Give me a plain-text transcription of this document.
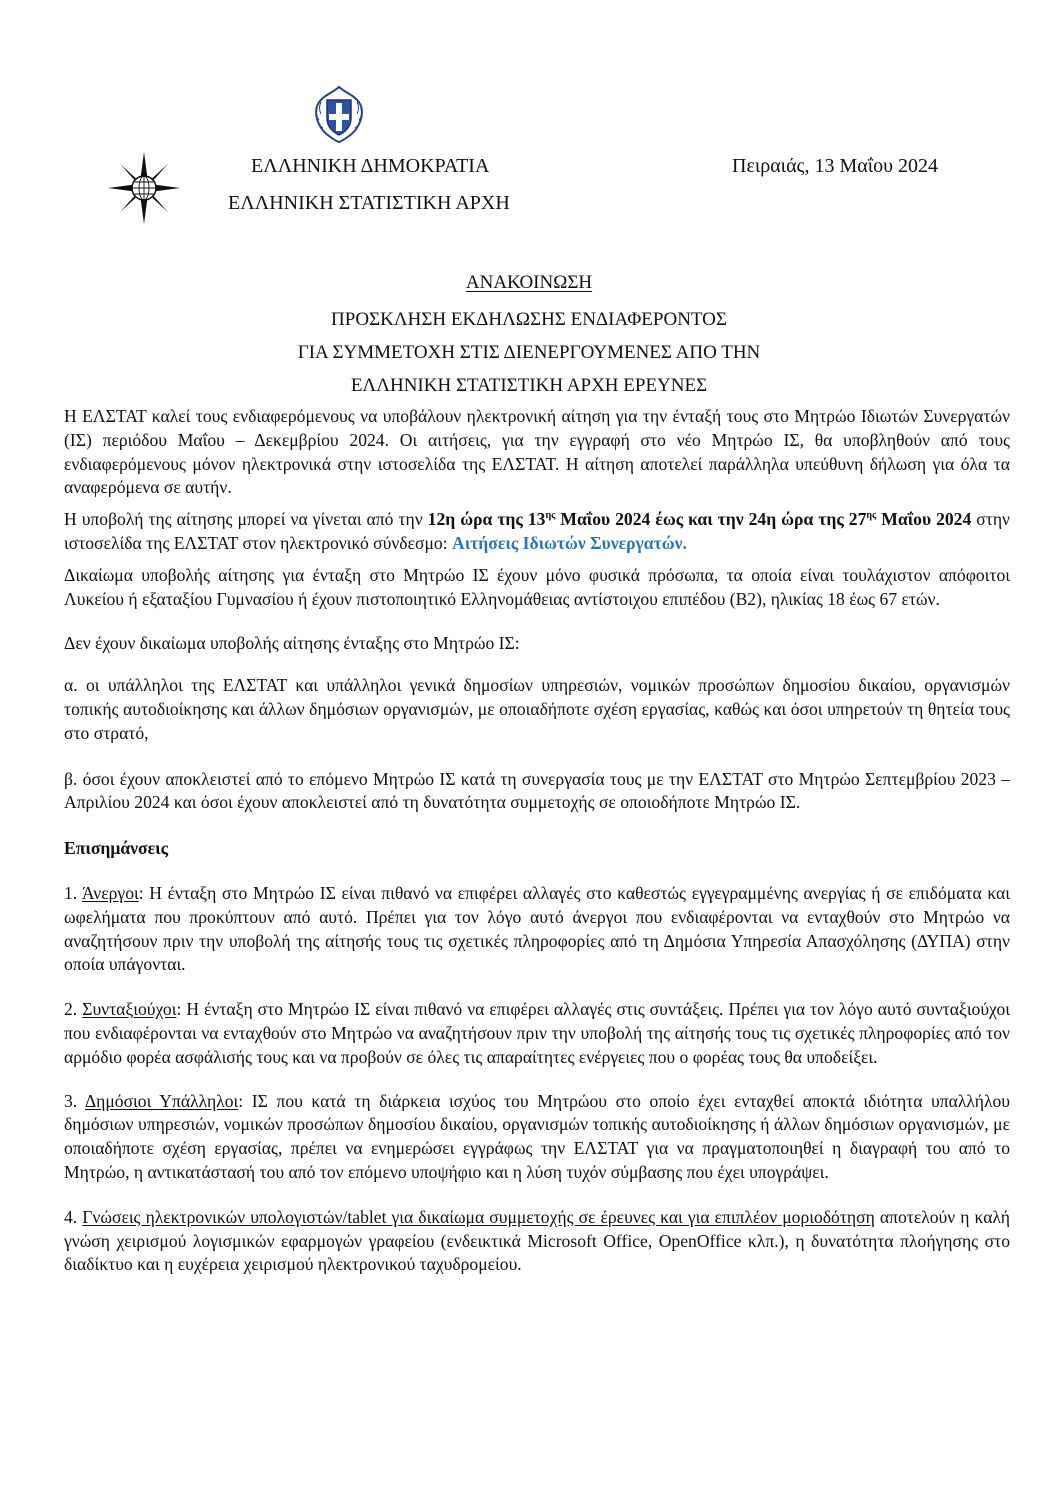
ΕΛΛΗΝΙΚΗ ΔΗΜΟΚΡΑΤΙΑ
ΕΛΛΗΝΙΚΗ ΣΤΑΤΙΣΤΙΚΗ ΑΡΧΗ
Πειραιάς, 13 Μαΐου 2024
ΑΝΑΚΟΙΝΩΣΗ
ΠΡΟΣΚΛΗΣΗ ΕΚΔΗΛΩΣΗΣ ΕΝΔΙΑΦΕΡΟΝΤΟΣ
ΓΙΑ ΣΥΜΜΕΤΟΧΗ ΣΤΙΣ ΔΙΕΝΕΡΓΟΥΜΕΝΕΣ ΑΠΟ ΤΗΝ
ΕΛΛΗΝΙΚΗ ΣΤΑΤΙΣΤΙΚΗ ΑΡΧΗ ΕΡΕΥΝΕΣ

Η ΕΛΣΤΑΤ καλεί τους ενδιαφερόμενους να υποβάλουν ηλεκτρονική αίτηση για την ένταξή τους στο Μητρώο Ιδιωτών Συνεργατών (ΙΣ) περιόδου Μαΐου – Δεκεμβρίου 2024. Οι αιτήσεις, για την εγγραφή στο νέο Μητρώο ΙΣ, θα υποβληθούν από τους ενδιαφερόμενους μόνον ηλεκτρονικά στην ιστοσελίδα της ΕΛΣΤΑΤ. Η αίτηση αποτελεί παράλληλα υπεύθυνη δήλωση για όλα τα αναφερόμενα σε αυτήν.

Η υποβολή της αίτησης μπορεί να γίνεται από την 12η ώρα της $13^{\eta\varsigma}$ Μαΐου 2024 έως και την 24η ώρα της $27^{\eta\varsigma}$ Μαΐου 2024 στην ιστοσελίδα της ΕΛΣΤΑΤ στον ηλεκτρονικό σύνδεσμο: Αιτήσεις Ιδιωτών Συνεργατών.

Δικαίωμα υποβολής αίτησης για ένταξη στο Μητρώο ΙΣ έχουν μόνο φυσικά πρόσωπα, τα οποία είναι τουλάχιστον απόφοιτοι Λυκείου ή εξαταξίου Γυμνασίου ή έχουν πιστοποιητικό Ελληνομάθειας αντίστοιχου επιπέδου (Β2), ηλικίας 18 έως 67 ετών.

Δεν έχουν δικαίωμα υποβολής αίτησης ένταξης στο Μητρώο ΙΣ:

α. οι υπάλληλοι της ΕΛΣΤΑΤ και υπάλληλοι γενικά δημοσίων υπηρεσιών, νομικών προσώπων δημοσίου δικαίου, οργανισμών τοπικής αυτοδιοίκησης και άλλων δημόσιων οργανισμών, με οποιαδήποτε σχέση εργασίας, καθώς και όσοι υπηρετούν τη θητεία τους στο στρατό,

β. όσοι έχουν αποκλειστεί από το επόμενο Μητρώο ΙΣ κατά τη συνεργασία τους με την ΕΛΣΤΑΤ στο Μητρώο Σεπτεμβρίου 2023 – Απριλίου 2024 και όσοι έχουν αποκλειστεί από τη δυνατότητα συμμετοχής σε οποιοδήποτε Μητρώο ΙΣ.

Επισημάνσεις

1. Άνεργοι: Η ένταξη στο Μητρώο ΙΣ είναι πιθανό να επιφέρει αλλαγές στο καθεστώς εγγεγραμμένης ανεργίας ή σε επιδόματα και ωφελήματα που προκύπτουν από αυτό. Πρέπει για τον λόγο αυτό άνεργοι που ενδιαφέρονται να ενταχθούν στο Μητρώο να αναζητήσουν πριν την υποβολή της αίτησής τους τις σχετικές πληροφορίες από τη Δημόσια Υπηρεσία Απασχόλησης (ΔΥΠΑ) στην οποία υπάγονται.

2. Συνταξιούχοι: Η ένταξη στο Μητρώο ΙΣ είναι πιθανό να επιφέρει αλλαγές στις συντάξεις. Πρέπει για τον λόγο αυτό συνταξιούχοι που ενδιαφέρονται να ενταχθούν στο Μητρώο να αναζητήσουν πριν την υποβολή της αίτησής τους τις σχετικές πληροφορίες από τον αρμόδιο φορέα ασφάλισής τους και να προβούν σε όλες τις απαραίτητες ενέργειες που ο φορέας τους θα υποδείξει.

3. Δημόσιοι Υπάλληλοι: ΙΣ που κατά τη διάρκεια ισχύος του Μητρώου στο οποίο έχει ενταχθεί αποκτά ιδιότητα υπαλλήλου δημόσιων υπηρεσιών, νομικών προσώπων δημοσίου δικαίου, οργανισμών τοπικής αυτοδιοίκησης ή άλλων δημόσιων οργανισμών, με οποιαδήποτε σχέση εργασίας, πρέπει να ενημερώσει εγγράφως την ΕΛΣΤΑΤ για να πραγματοποιηθεί η διαγραφή του από το Μητρώο, η αντικατάστασή του από τον επόμενο υποψήφιο και η λύση τυχόν σύμβασης που έχει υπογράψει.

4. Γνώσεις ηλεκτρονικών υπολογιστών/tablet για δικαίωμα συμμετοχής σε έρευνες και για επιπλέον μοριοδότηση αποτελούν η καλή γνώση χειρισμού λογισμικών εφαρμογών γραφείου (ενδεικτικά Microsoft Office, OpenOffice κλπ.), η δυνατότητα πλοήγησης στο διαδίκτυο και η ευχέρεια χειρισμού ηλεκτρονικού ταχυδρομείου.
